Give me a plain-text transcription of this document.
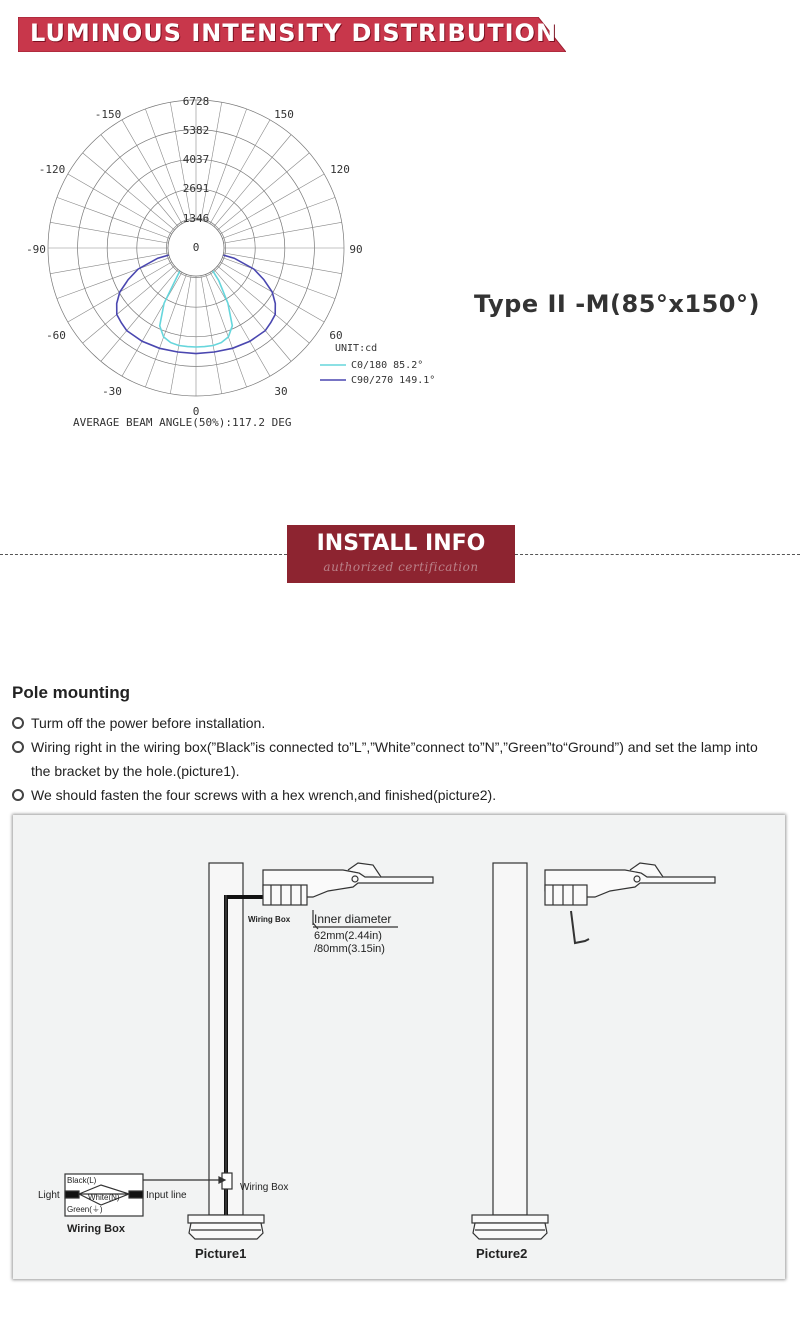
LUMINOUS INTENSITY DISTRIBUTION
6728
5382
4037
2691
1346
0
-150	150
-120	120
-90	90
-60	60
-30	30
0
UNIT:cd
C0/180 85.2°
C90/270 149.1°
AVERAGE BEAM ANGLE(50%):117.2 DEG
Type II -M(85°x150°)
INSTALL INFO
authorized certification
Pole mounting
Turm off the power before installation.
Wiring right in the wiring box(”Black”is connected to”L”,”White”connect to”N”,”Green”to“Ground”) and set the lamp into
the bracket by the hole.(picture1).
We should fasten the four screws with a hex wrench,and finished(picture2).
Wiring Box Inner diameter
62mm(2.44in)
/80mm(3.15in)
Wiring Box
Light	Input line
Black(L)
White(N)
Green(⏚)
Wiring Box
Picture1	Picture2
